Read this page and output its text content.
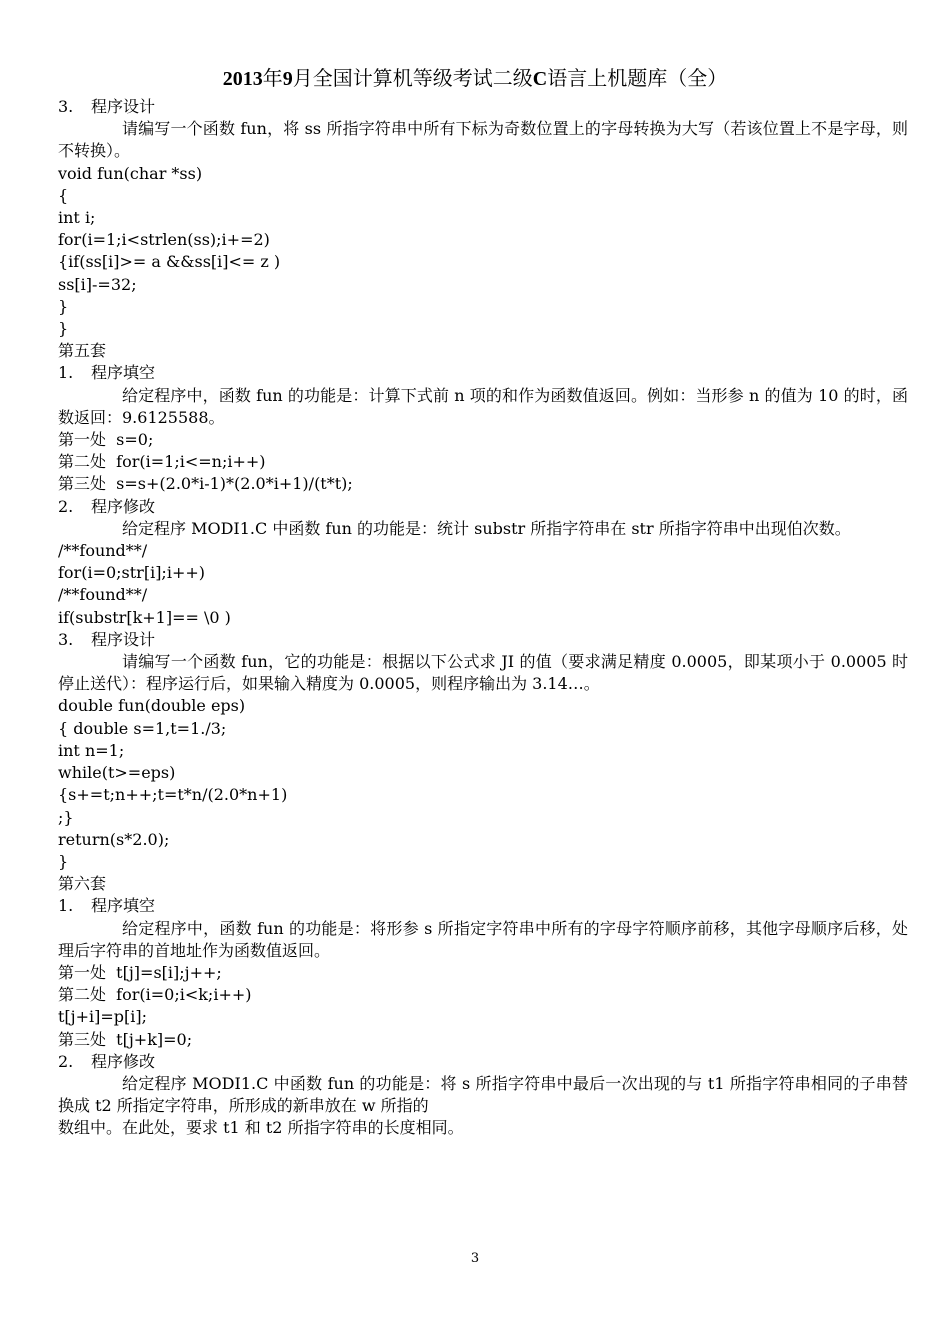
2013年9月全国计算机等级考试二级C语言上机题库（全）
3. 程序设计
请编写一个函数 fun，将 ss 所指字符串中所有下标为奇数位置上的字母转换为大写（若该位置上不是字母，则不转换）。
void fun(char *ss)
{
int i;
for(i=1;i<strlen(ss);i+=2)
{if(ss[i]>= a &&ss[i]<= z )
ss[i]-=32;
}
}
第五套
1. 程序填空
给定程序中，函数 fun 的功能是：计算下式前 n 项的和作为函数值返回。例如：当形参 n 的值为 10 的时，函数返回：9.6125588。
第一处  s=0;
第二处  for(i=1;i<=n;i++)
第三处  s=s+(2.0*i-1)*(2.0*i+1)/(t*t);
2. 程序修改
给定程序 MODI1.C 中函数 fun 的功能是：统计 substr 所指字符串在 str 所指字符串中出现伯次数。
/**found**/
for(i=0;str[i];i++)
/**found**/
if(substr[k+1]== \0 )
3. 程序设计
请编写一个函数 fun，它的功能是：根据以下公式求 JI 的值（要求满足精度 0.0005，即某项小于 0.0005 时停止送代）：程序运行后，如果输入精度为 0.0005，则程序输出为 3.14…。
double fun(double eps)
{ double s=1,t=1./3;
int n=1;
while(t>=eps)
{s+=t;n++;t=t*n/(2.0*n+1)
;}
return(s*2.0);
}
第六套
1. 程序填空
给定程序中，函数 fun 的功能是：将形参 s 所指定字符串中所有的字母字符顺序前移，其他字母顺序后移，处理后字符串的首地址作为函数值返回。
第一处  t[j]=s[i];j++;
第二处  for(i=0;i<k;i++)
t[j+i]=p[i];
第三处  t[j+k]=0;
2. 程序修改
给定程序 MODI1.C 中函数 fun 的功能是：将 s 所指字符串中最后一次出现的与 t1 所指字符串相同的子串替换成 t2 所指定字符串，所形成的新串放在 w 所指的
数组中。在此处，要求 t1 和 t2 所指字符串的长度相同。
3
